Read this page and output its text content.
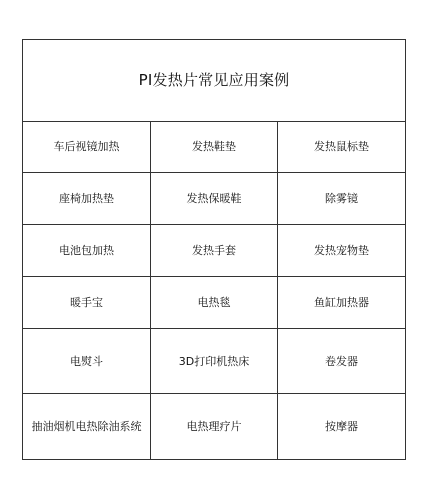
PI发热片常见应用案例		
车后视镜加热	发热鞋垫	发热鼠标垫
座椅加热垫	发热保暖鞋	除雾镜
电池包加热	发热手套	发热宠物垫
暖手宝	电热毯	鱼缸加热器
电熨斗	3D打印机热床	卷发器
抽油烟机电热除油系统	电热理疗片	按摩器
